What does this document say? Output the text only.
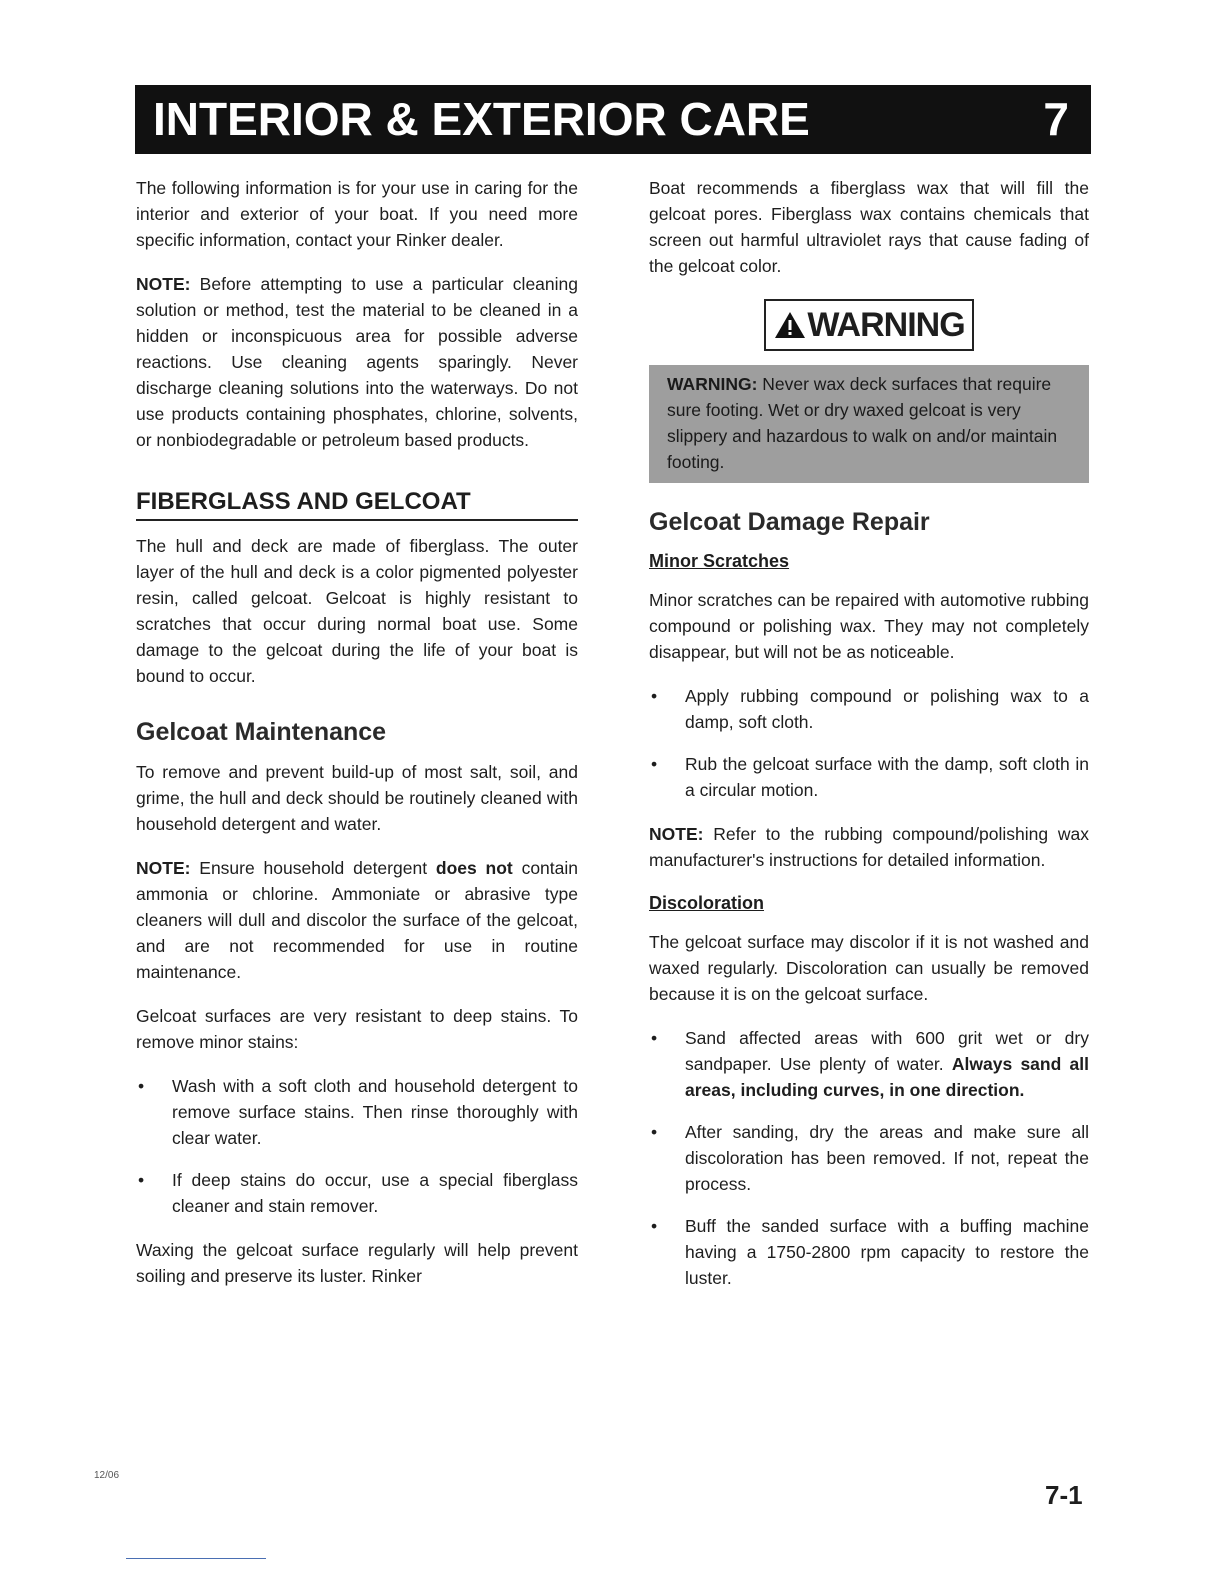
INTERIOR & EXTERIOR CARE	7

The following information is for your use in caring for the interior and exterior of your boat. If you need more specific information, contact your Rinker dealer.

NOTE: Before attempting to use a particular cleaning solution or method, test the material to be cleaned in a hidden or inconspicuous area for possible adverse reactions. Use cleaning agents sparingly. Never discharge cleaning solutions into the waterways. Do not use products containing phosphates, chlorine, solvents, or nonbiodegradable or petroleum based products.

FIBERGLASS AND GELCOAT

The hull and deck are made of fiberglass. The outer layer of the hull and deck is a color pigmented polyester resin, called gelcoat. Gelcoat is highly resistant to scratches that occur during normal boat use. Some damage to the gelcoat during the life of your boat is bound to occur.

Gelcoat Maintenance

To remove and prevent build-up of most salt, soil, and grime, the hull and deck should be routinely cleaned with household detergent and water.

NOTE: Ensure household detergent does not contain ammonia or chlorine. Ammoniate or abrasive type cleaners will dull and discolor the surface of the gelcoat, and are not recommended for use in routine maintenance.

Gelcoat surfaces are very resistant to deep stains. To remove minor stains:

• Wash with a soft cloth and household detergent to remove surface stains. Then rinse thoroughly with clear water.
• If deep stains do occur, use a special fiberglass cleaner and stain remover.

Waxing the gelcoat surface regularly will help prevent soiling and preserve its luster. Rinker

Boat recommends a fiberglass wax that will fill the gelcoat pores. Fiberglass wax contains chemicals that screen out harmful ultraviolet rays that cause fading of the gelcoat color.

WARNING
WARNING: Never wax deck surfaces that require sure footing. Wet or dry waxed gelcoat is very slippery and hazardous to walk on and/or maintain footing.
Gelcoat Damage Repair
Minor Scratches

Minor scratches can be repaired with automotive rubbing compound or polishing wax. They may not completely disappear, but will not be as noticeable.

• Apply rubbing compound or polishing wax to a damp, soft cloth.
• Rub the gelcoat surface with the damp, soft cloth in a circular motion.

NOTE: Refer to the rubbing compound/polishing wax manufacturer's instructions for detailed information.

Discoloration

The gelcoat surface may discolor if it is not washed and waxed regularly. Discoloration can usually be removed because it is on the gelcoat surface.

• Sand affected areas with 600 grit wet or dry sandpaper. Use plenty of water. Always sand all areas, including curves, in one direction.
• After sanding, dry the areas and make sure all discoloration has been removed. If not, repeat the process.
• Buff the sanded surface with a buffing machine having a 1750-2800 rpm capacity to restore the luster.
12/06
7-1
